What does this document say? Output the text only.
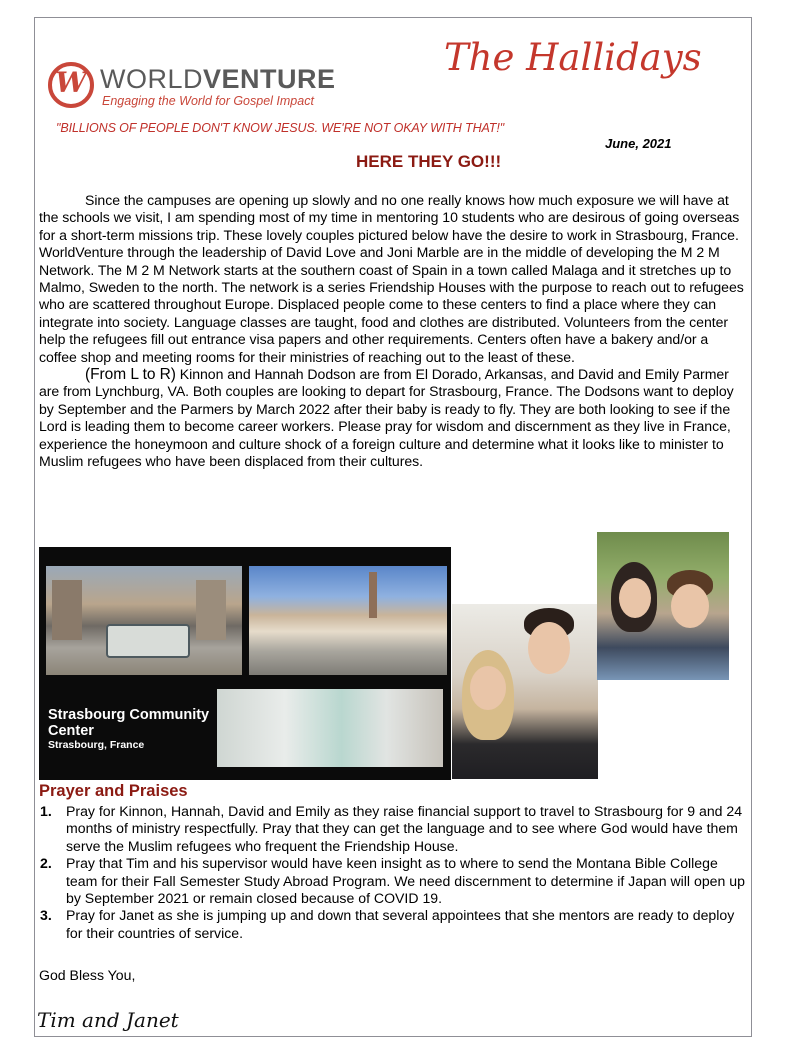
W WORLDVENTURE
Engaging the World for Gospel Impact
The Hallidays
"BILLIONS OF PEOPLE DON'T KNOW JESUS. WE'RE NOT OKAY WITH THAT!"
June, 2021
HERE THEY GO!!!

Since the campuses are opening up slowly and no one really knows how much exposure we will have at the schools we visit, I am spending most of my time in mentoring 10 students who are desirous of going overseas for a short-term missions trip. These lovely couples pictured below have the desire to work in Strasbourg, France. WorldVenture through the leadership of David Love and Joni Marble are in the middle of developing the M 2 M Network. The M 2 M Network starts at the southern coast of Spain in a town called Malaga and it stretches up to Malmo, Sweden to the north. The network is a series Friendship Houses with the purpose to reach out to refugees who are scattered throughout Europe. Displaced people come to these centers to find a place where they can integrate into society. Language classes are taught, food and clothes are distributed. Volunteers from the center help the refugees fill out entrance visa papers and other requirements. Centers often have a bakery and/or a coffee shop and meeting rooms for their ministries of reaching out to the least of these.

(From L to R) Kinnon and Hannah Dodson are from El Dorado, Arkansas, and David and Emily Parmer are from Lynchburg, VA. Both couples are looking to depart for Strasbourg, France. The Dodsons want to deploy by September and the Parmers by March 2022 after their baby is ready to fly. They are both looking to see if the Lord is leading them to become career workers. Please pray for wisdom and discernment as they live in France, experience the honeymoon and culture shock of a foreign culture and determine what it looks like to minister to Muslim refugees who have been displaced from their cultures.

Strasbourg Community
Center
Strasbourg, France
Prayer and Praises
1. Pray for Kinnon, Hannah, David and Emily as they raise financial support to travel to Strasbourg for 9 and 24 months of ministry respectfully. Pray that they can get the language and to see where God would have them serve the Muslim refugees who frequent the Friendship House.
2. Pray that Tim and his supervisor would have keen insight as to where to send the Montana Bible College team for their Fall Semester Study Abroad Program. We need discernment to determine if Japan will open up by September 2021 or remain closed because of COVID 19.
3. Pray for Janet as she is jumping up and down that several appointees that she mentors are ready to deploy for their countries of service.
God Bless You,
Tim and Janet
